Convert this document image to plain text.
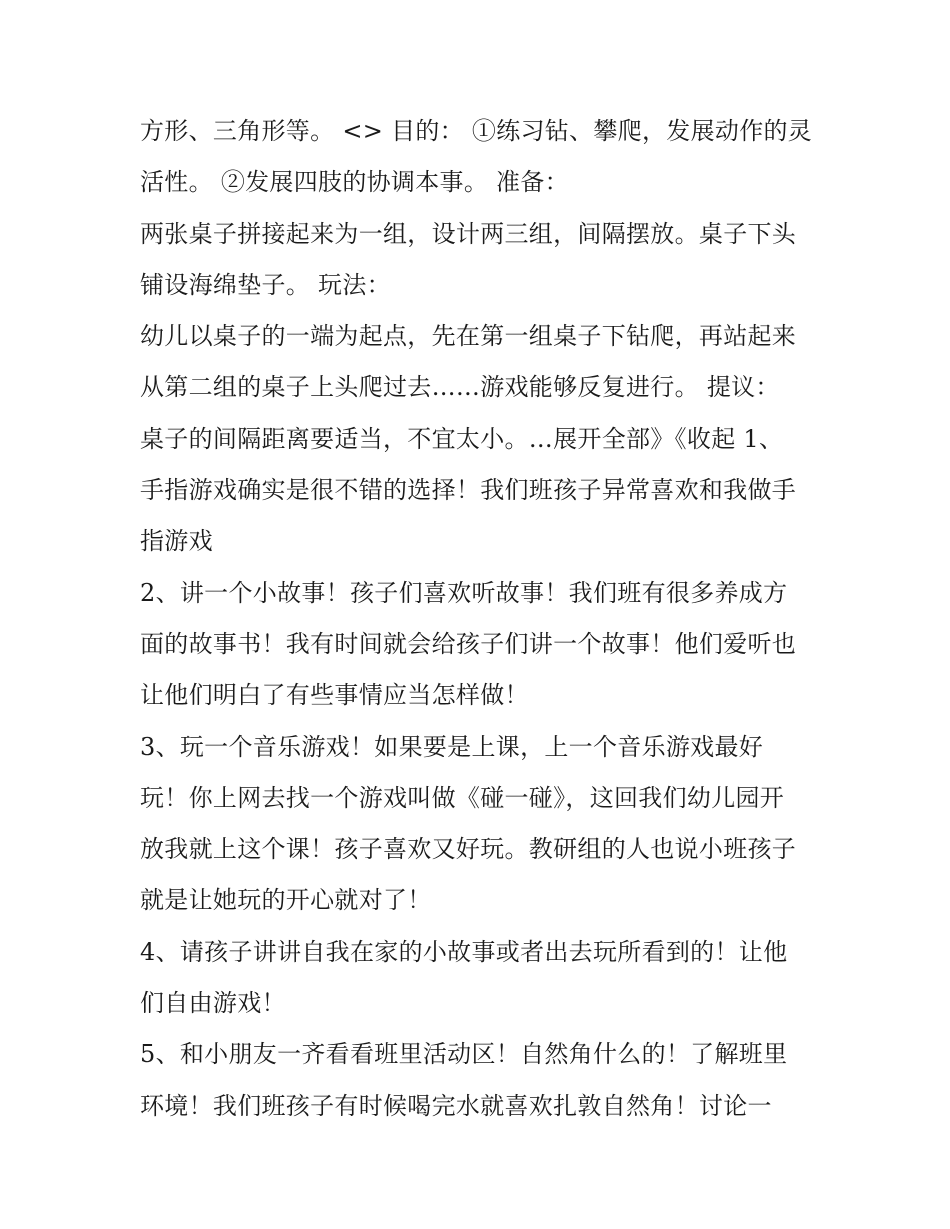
方形、三角形等。 <> 目的： ①练习钻、攀爬，发展动作的灵
活性。 ②发展四肢的协调本事。 准备：
两张桌子拼接起来为一组，设计两三组，间隔摆放。桌子下头
铺设海绵垫子。 玩法：
幼儿以桌子的一端为起点，先在第一组桌子下钻爬，再站起来
从第二组的桌子上头爬过去……游戏能够反复进行。 提议：
桌子的间隔距离要适当，不宜太小。…展开全部》《收起 1、
手指游戏确实是很不错的选择！我们班孩子异常喜欢和我做手
指游戏
2、讲一个小故事！孩子们喜欢听故事！我们班有很多养成方
面的故事书！我有时间就会给孩子们讲一个故事！他们爱听也
让他们明白了有些事情应当怎样做！
3、玩一个音乐游戏！如果要是上课，上一个音乐游戏最好
玩！你上网去找一个游戏叫做《碰一碰》，这回我们幼儿园开
放我就上这个课！孩子喜欢又好玩。教研组的人也说小班孩子
就是让她玩的开心就对了！
4、请孩子讲讲自我在家的小故事或者出去玩所看到的！让他
们自由游戏！
5、和小朋友一齐看看班里活动区！自然角什么的！了解班里
环境！我们班孩子有时候喝完水就喜欢扎敦自然角！讨论一
